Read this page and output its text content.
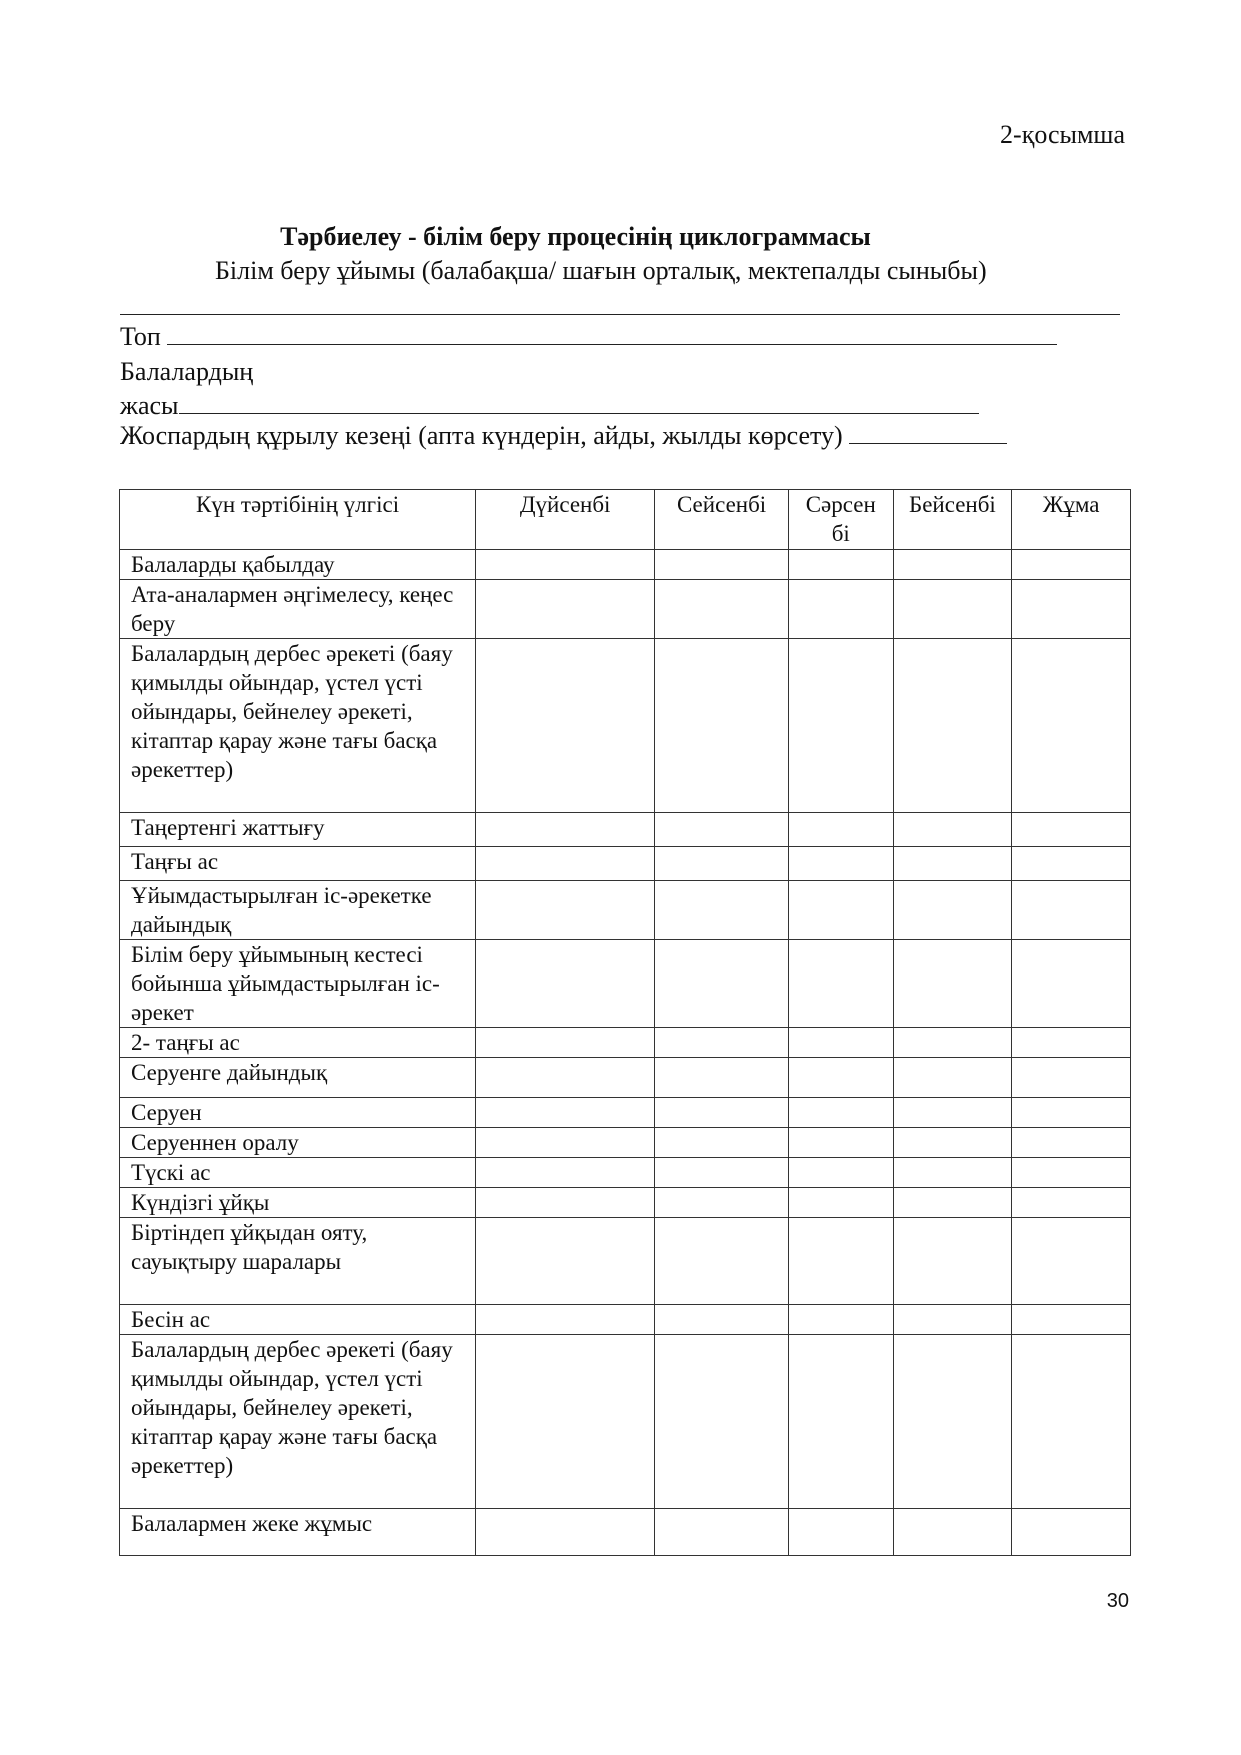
2-қосымша
Тәрбиелеу - білім беру процесінің циклограммасы
Білім беру ұйымы (балабақша/ шағын орталық, мектепалды сыныбы)
Топ
Балалардың
жасы
Жоспардың құрылу кезеңі (апта күндерін, айды, жылды көрсету)
Күн тәртібінің үлгісі	Дүйсенбі	Сейсенбі	Сәрсен бі	Бейсенбі	Жұма
Балаларды қабылдау					
Ата-аналармен әңгімелесу, кеңес беру					
Балалардың дербес әрекеті (баяу қимылды ойындар, үстел үсті ойындары, бейнелеу әрекеті, кітаптар қарау және тағы басқа әрекеттер)					
Таңертенгі жаттығу					
Таңғы ас					
Ұйымдастырылған іс-әрекетке дайындық					
Білім беру ұйымының кестесі бойынша ұйымдастырылған іс-әрекет					
2- таңғы ас					
Серуенге дайындық					
Серуен					
Серуеннен оралу					
Түскі ас					
Күндізгі ұйқы					
Біртіндеп ұйқыдан ояту, сауықтыру шаралары					
Бесін ас					
Балалардың дербес әрекеті (баяу қимылды ойындар, үстел үсті ойындары, бейнелеу әрекеті, кітаптар қарау және тағы басқа әрекеттер)					
Балалармен жеке жұмыс					
30
